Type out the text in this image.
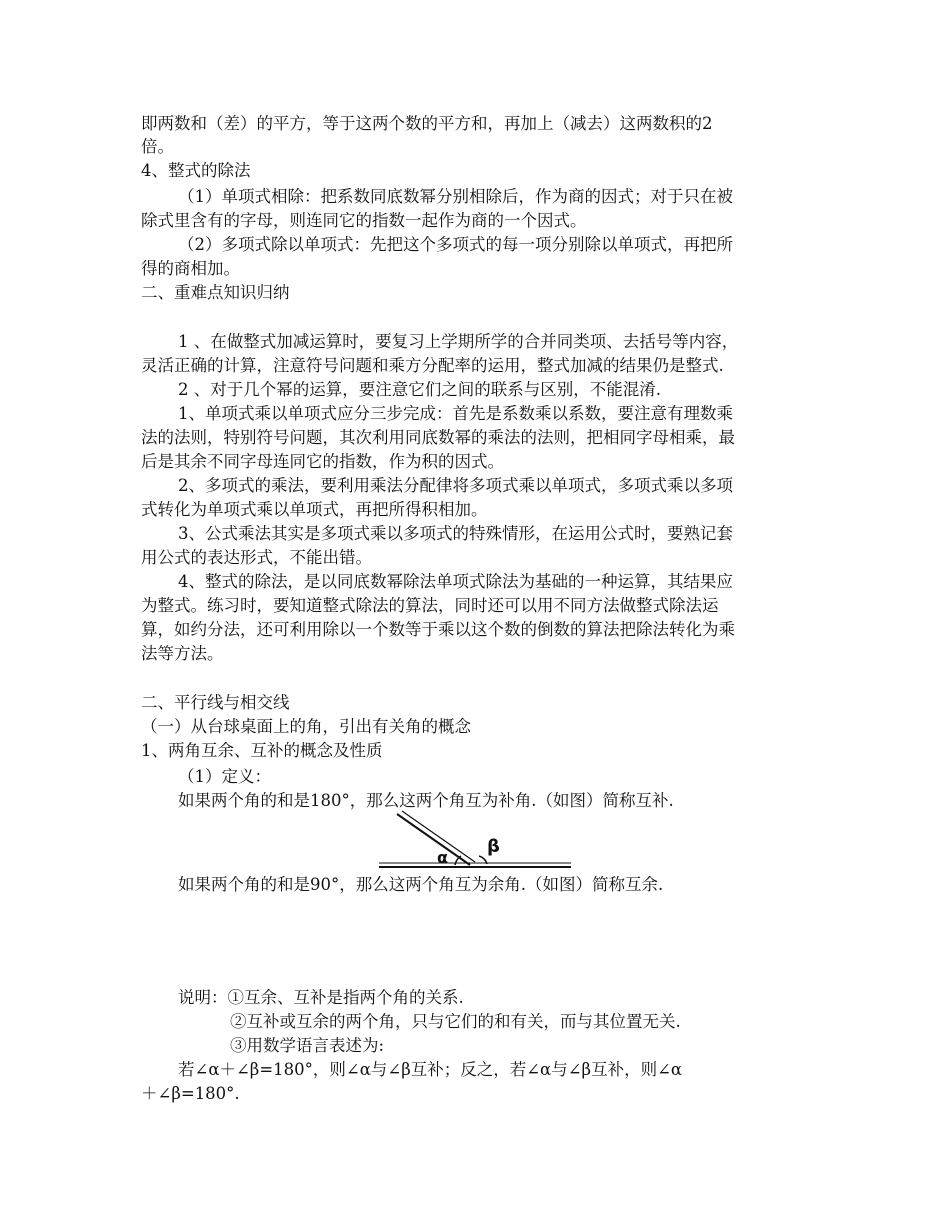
即两数和（差）的平方，等于这两个数的平方和，再加上（减去）这两数积的2
倍。
4、整式的除法
（1）单项式相除：把系数同底数幂分别相除后，作为商的因式；对于只在被
除式里含有的字母，则连同它的指数一起作为商的一个因式。
（2）多项式除以单项式：先把这个多项式的每一项分别除以单项式，再把所
得的商相加。
二、重难点知识归纳
1 、在做整式加减运算时，要复习上学期所学的合并同类项、去括号等内容，
灵活正确的计算，注意符号问题和乘方分配率的运用，整式加减的结果仍是整式.
2 、对于几个幂的运算，要注意它们之间的联系与区别，不能混淆.
1、单项式乘以单项式应分三步完成：首先是系数乘以系数，要注意有理数乘
法的法则，特别符号问题，其次利用同底数幂的乘法的法则，把相同字母相乘，最
后是其余不同字母连同它的指数，作为积的因式。
2、多项式的乘法，要利用乘法分配律将多项式乘以单项式，多项式乘以多项
式转化为单项式乘以单项式，再把所得积相加。
3、公式乘法其实是多项式乘以多项式的特殊情形，在运用公式时，要熟记套
用公式的表达形式，不能出错。
4、整式的除法，是以同底数幂除法单项式除法为基础的一种运算，其结果应
为整式。练习时，要知道整式除法的算法，同时还可以用不同方法做整式除法运
算，如约分法，还可利用除以一个数等于乘以这个数的倒数的算法把除法转化为乘
法等方法。
二、平行线与相交线
（一）从台球桌面上的角，引出有关角的概念
1、两角互余、互补的概念及性质
（1）定义：
如果两个角的和是180°，那么这两个角互为补角.（如图）简称互补.
α
β
如果两个角的和是90°，那么这两个角互为余角.（如图）简称互余.
说明：①互余、互补是指两个角的关系.
②互补或互余的两个角，只与它们的和有关，而与其位置无关.
③用数学语言表述为:
若∠α＋∠β=180°，则∠α与∠β互补；反之，若∠α与∠β互补，则∠α
＋∠β=180°.
